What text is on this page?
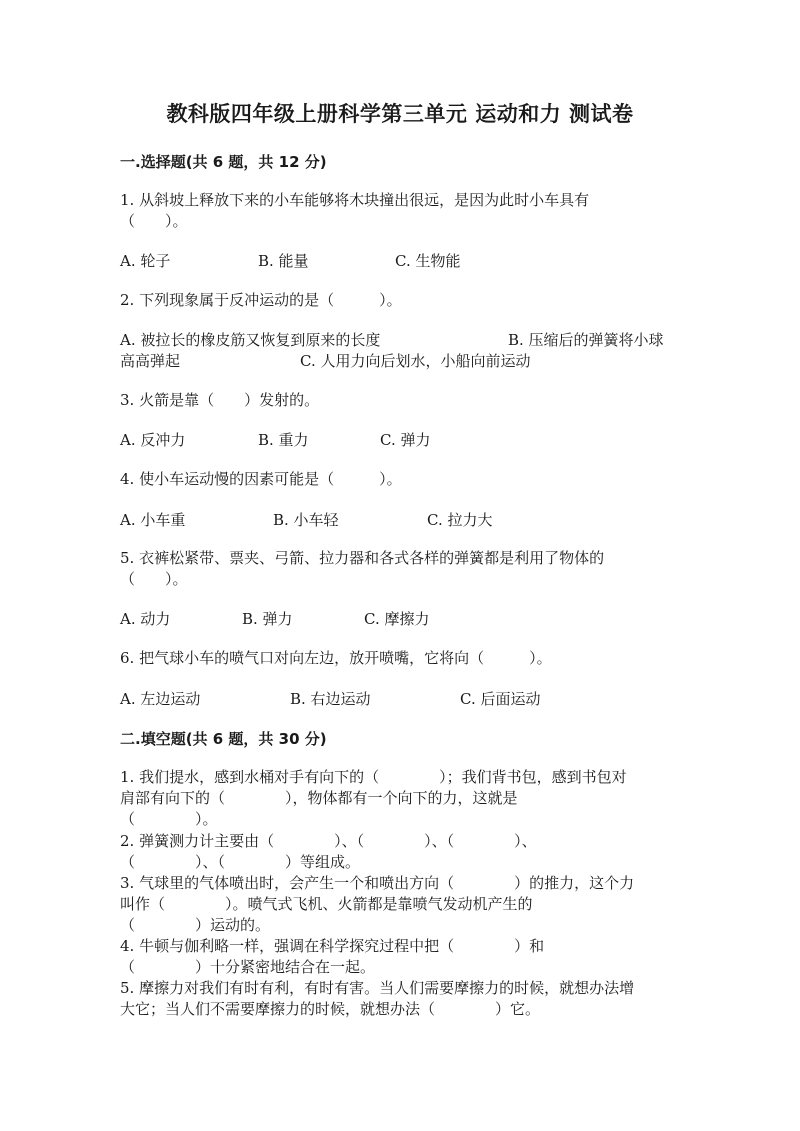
教科版四年级上册科学第三单元 运动和力 测试卷
一.选择题(共 6 题，共 12 分)
1. 从斜坡上释放下来的小车能够将木块撞出很远，是因为此时小车具有
（　　）。
A. 轮子	B. 能量	C. 生物能
2. 下列现象属于反冲运动的是（　　　）。
A. 被拉长的橡皮筋又恢复到原来的长度	B. 压缩后的弹簧将小球
高高弹起	C. 人用力向后划水，小船向前运动
3. 火箭是靠（　　）发射的。
A. 反冲力	B. 重力	C. 弹力
4. 使小车运动慢的因素可能是（　　　）。
A. 小车重	B. 小车轻	C. 拉力大
5. 衣裤松紧带、票夹、弓箭、拉力器和各式各样的弹簧都是利用了物体的
（　　）。
A. 动力	B. 弹力	C. 摩擦力
6. 把气球小车的喷气口对向左边，放开喷嘴，它将向（　　　）。
A. 左边运动	B. 右边运动	C. 后面运动
二.填空题(共 6 题，共 30 分)
1. 我们提水，感到水桶对手有向下的（　　　　）；我们背书包，感到书包对
肩部有向下的（　　　　），物体都有一个向下的力，这就是
（　　　　）。
2. 弹簧测力计主要由（　　　　）、（　　　　）、（　　　　）、
（　　　　）、（　　　　）等组成。
3. 气球里的气体喷出时，会产生一个和喷出方向（　　　　）的推力，这个力
叫作（　　　　）。喷气式飞机、火箭都是靠喷气发动机产生的
（　　　　）运动的。
4. 牛顿与伽利略一样，强调在科学探究过程中把（　　　　）和
（　　　　）十分紧密地结合在一起。
5. 摩擦力对我们有时有利，有时有害。当人们需要摩擦力的时候，就想办法增
大它；当人们不需要摩擦力的时候，就想办法（　　　　）它。
